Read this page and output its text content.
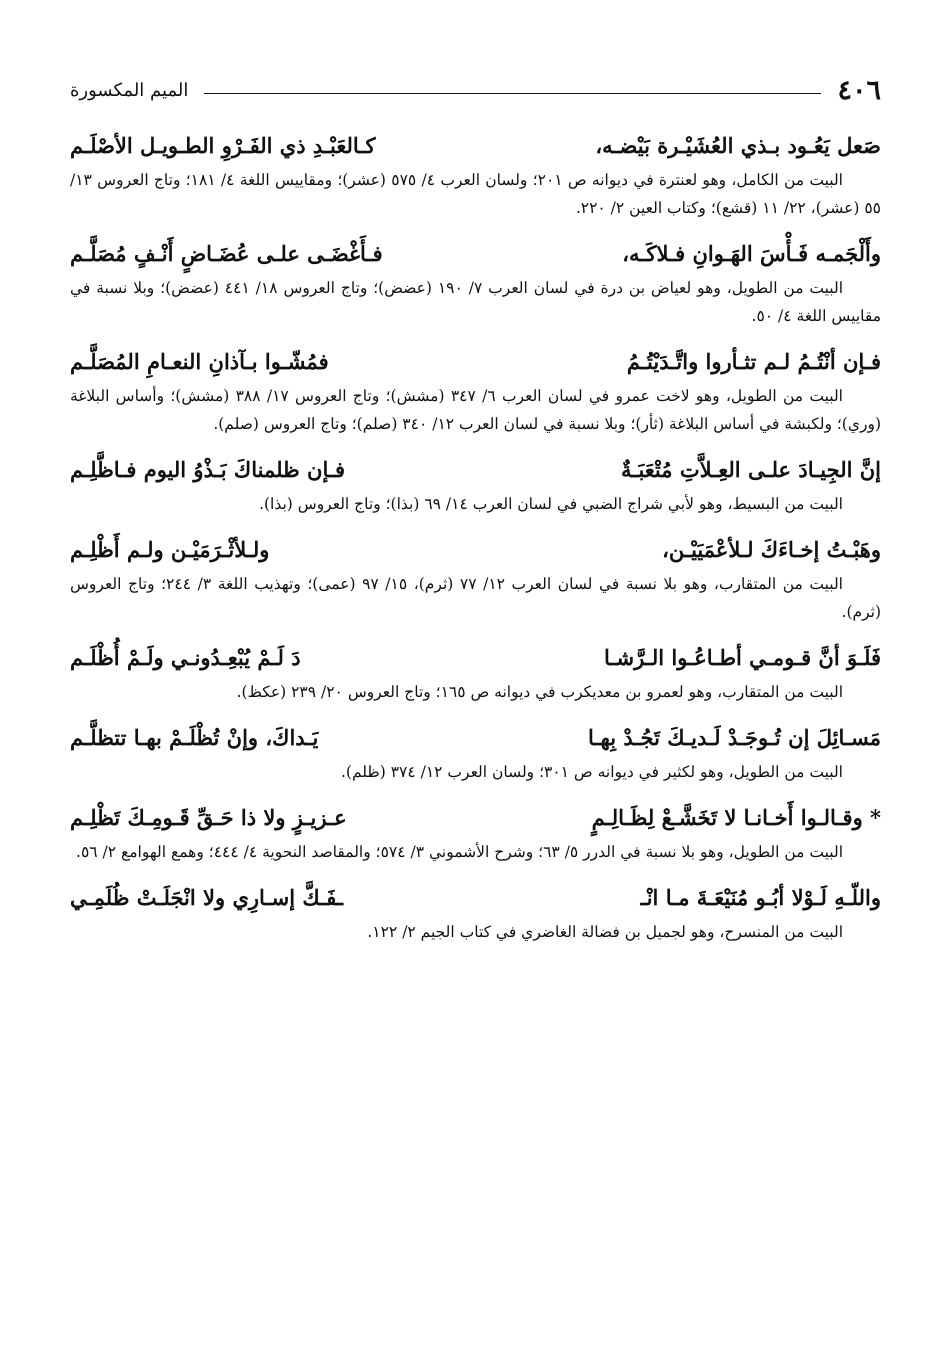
٤٠٦
الميم المكسورة
صَعل يَعُـود بـذي العُشَيْـرة بَيْضـه،
كـالعَبْـدِ ذي الفَـرْوِ الطـويـل الأصْلَـم

البيت من الكامل، وهو لعنترة في ديوانه ص ٢٠١؛ ولسان العرب ٤/ ٥٧٥ (عشر)؛ ومقاييس اللغة ٤/ ١٨١؛ وتاج العروس ١٣/ ٥٥ (عشر)، ٢٢/ ١١ (قشع)؛ وكتاب العين ٢/ ٢٢٠.

وأَلْجَمـه فَـأْسَ الهَـوانِ فـلاكَـه،
فـأَغْضَـى علـى عُضَـاضٍ أَنْـفٍ مُصَلَّـم

البيت من الطويل، وهو لعياض بن درة في لسان العرب ٧/ ١٩٠ (عضض)؛ وتاج العروس ١٨/ ٤٤١ (عضض)؛ وبلا نسبة في مقاييس اللغة ٤/ ٥٠.

فـإن أنْتُـمُ لـم تثـأروا واتَّـدَيْتُـمُ
فمُشّـوا بـآذانِ النعـامِ المُصَلَّـم

البيت من الطويل، وهو لاخت عمرو في لسان العرب ٦/ ٣٤٧ (مشش)؛ وتاج العروس ١٧/ ٣٨٨ (مشش)؛ وأساس البلاغة (وري)؛ ولكبشة في أساس البلاغة (ثأر)؛ وبلا نسبة في لسان العرب ١٢/ ٣٤٠ (صلم)؛ وتاج العروس (صلم).

إنَّ الجِيـادَ علـى العِـلاَّتِ مُتْعَبَـةٌ
فـإن ظلمناكَ بَـذْوُ اليوم فـاظَّلِـم

البيت من البسيط، وهو لأبي شراج الضبي في لسان العرب ١٤/ ٦٩ (بذا)؛ وتاج العروس (بذا).

وهَبْـتُ إخـاءَكَ لـلأعْمَيَيْـن،
ولـلأثْـرَمَيْـن ولـم أَظْلِـم

البيت من المتقارب، وهو بلا نسبة في لسان العرب ١٢/ ٧٧ (ثرم)، ١٥/ ٩٧ (عمى)؛ وتهذيب اللغة ٣/ ٢٤٤؛ وتاج العروس (ثرم).

فَلَـوَ أنَّ قـومـي أطـاعُـوا الـرَّشـا
دَ لَـمْ يُبْعِـدُونـي ولَـمْ أُظْلَـم

البيت من المتقارب، وهو لعمرو بن معديكرب في ديوانه ص ١٦٥؛ وتاج العروس ٢٠/ ٢٣٩ (عكظ).

مَسـائِلَ إن تُـوجَـدْ لَـديـكَ تَجُـدْ بِهـا
يَـداكَ، وإنْ تُظْلَـمْ بهـا تتظلَّـم

البيت من الطويل، وهو لكثير في ديوانه ص ٣٠١؛ ولسان العرب ١٢/ ٣٧٤ (ظلم).

* وقـالـوا أَخـانـا لا تَخَشَّـعْ لِظَـالِـمٍ
عـزيـزٍ ولا ذا حَـقِّ قَـومِـكَ تَظْلِـم

البيت من الطويل، وهو بلا نسبة في الدرر ٥/ ٦٣؛ وشرح الأشموني ٣/ ٥٧٤؛ والمقاصد النحوية ٤/ ٤٤٤؛ وهمع الهوامع ٢/ ٥٦.

واللّـهِ لَـوْلا أبُـو مُنَيْعَـةَ مـا انْـ
ـفَـكَّ إسـارِي ولا انْجَلَـتْ ظُلَمِـي

البيت من المنسرح، وهو لجميل بن فضالة الغاضري في كتاب الجيم ٢/ ١٢٢.
